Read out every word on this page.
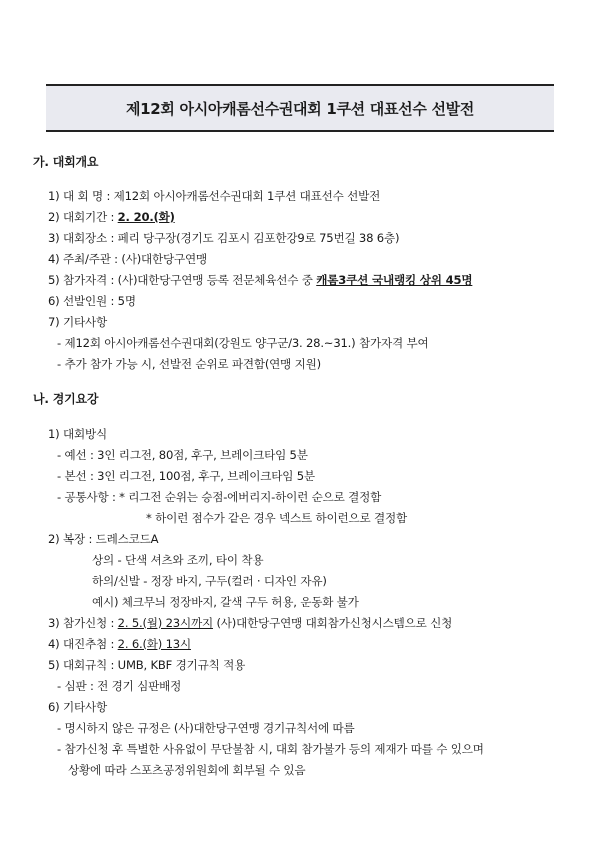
제12회 아시아캐롬선수권대회 1쿠션 대표선수 선발전
가. 대회개요
1) 대 회 명 : 제12회 아시아캐롬선수권대회 1쿠션 대표선수 선발전
2) 대회기간 : 2. 20.(화)
3) 대회장소 : 페리 당구장(경기도 김포시 김포한강9로 75번길 38 6층)
4) 주최/주관 : (사)대한당구연맹
5) 참가자격 : (사)대한당구연맹 등록 전문체육선수 중 캐롬3쿠션 국내랭킹 상위 45명
6) 선발인원 : 5명
7) 기타사항
- 제12회 아시아캐롬선수권대회(강원도 양구군/3. 28.~31.) 참가자격 부여
- 추가 참가 가능 시, 선발전 순위로 파견함(연맹 지원)
나. 경기요강
1) 대회방식
- 예선 : 3인 리그전, 80점, 후구, 브레이크타임 5분
- 본선 : 3인 리그전, 100점, 후구, 브레이크타임 5분
- 공통사항 : * 리그전 순위는 승점-에버리지-하이런 순으로 결정함
* 하이런 점수가 같은 경우 넥스트 하이런으로 결정함
2) 복장 : 드레스코드A
상의 - 단색 셔츠와 조끼, 타이 착용
하의/신발 - 정장 바지, 구두(컬러 · 디자인 자유)
예시) 체크무늬 정장바지, 갈색 구두 허용, 운동화 불가
3) 참가신청 : 2. 5.(월) 23시까지 (사)대한당구연맹 대회참가신청시스템으로 신청
4) 대진추첨 : 2. 6.(화) 13시
5) 대회규칙 : UMB, KBF 경기규칙 적용
- 심판 : 전 경기 심판배정
6) 기타사항
- 명시하지 않은 규정은 (사)대한당구연맹 경기규칙서에 따름
- 참가신청 후 특별한 사유없이 무단불참 시, 대회 참가불가 등의 제재가 따를 수 있으며
상황에 따라 스포츠공정위원회에 회부될 수 있음
